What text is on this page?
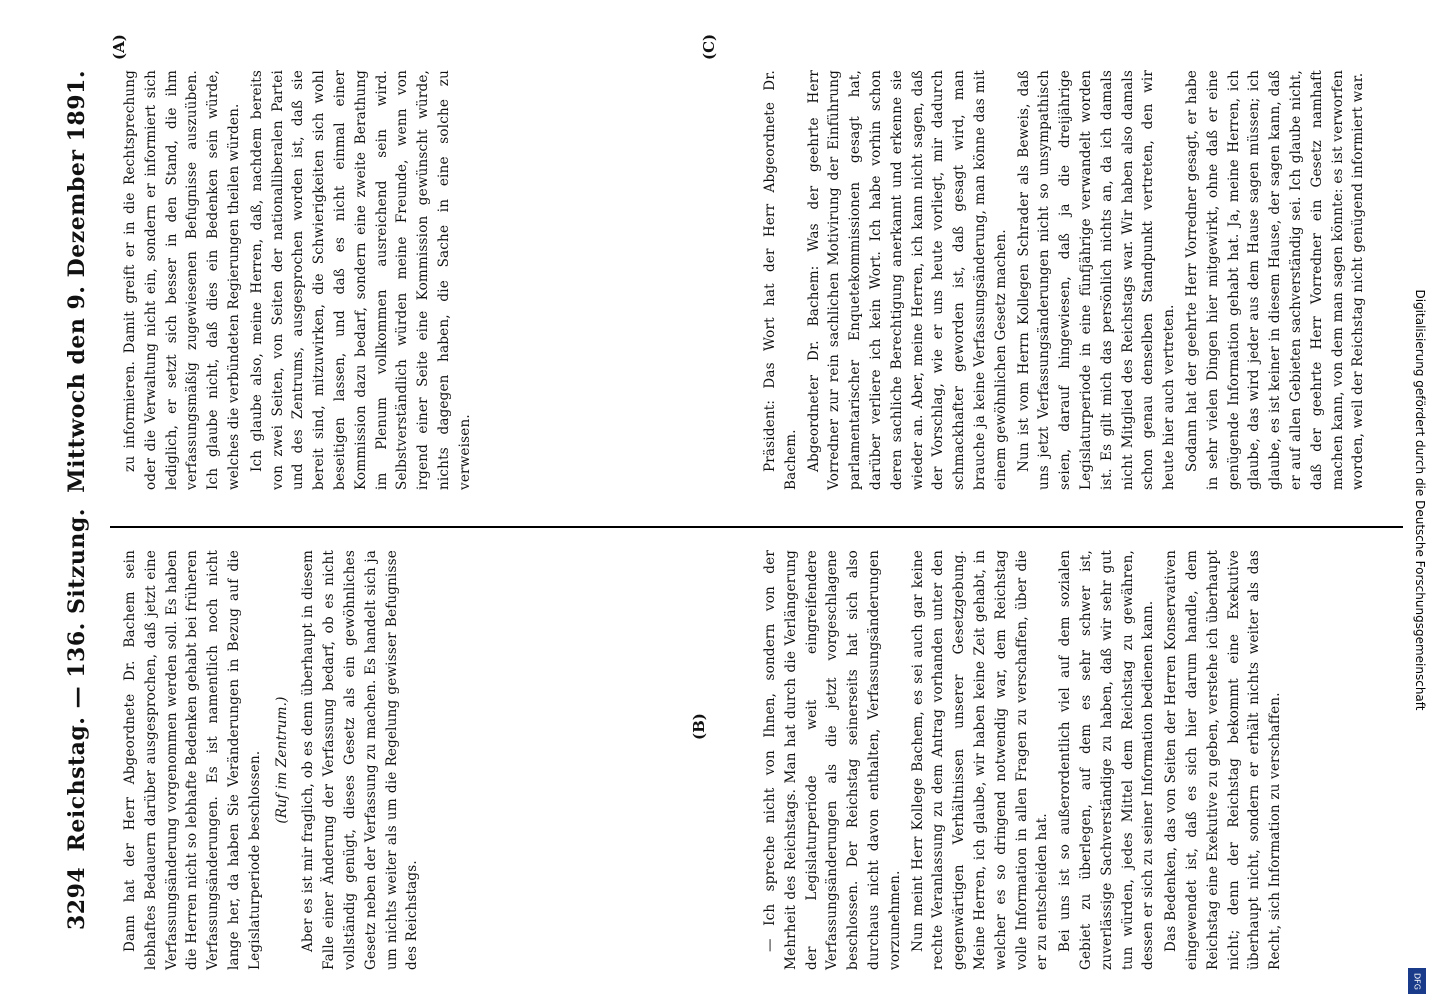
3294
Reichstag. — 136. Sitzung.
Mittwoch den 9. Dezember 1891.
(A)
(B)
(C)

Dann hat der Herr Abgeordnete Dr. Bachem sein lebhaftes Bedauern darüber ausgesprochen, daß jetzt eine Verfassungsänderung vorgenommen werden soll. Es haben die Herren nicht so lebhafte Bedenken gehabt bei früheren Verfassungsänderungen. Es ist namentlich noch nicht lange her, da haben Sie Veränderungen in Bezug auf die Legislaturperiode beschlossen. (Ruf im Zentrum.) Aber es ist mir fraglich, ob es denn überhaupt in diesem Falle einer Änderung der Verfassung bedarf, ob es nicht vollständig genügt, dieses Gesetz als ein gewöhnliches Gesetz neben der Verfassung zu machen. Es handelt sich ja um nichts weiter als um die Regelung gewisser Befugnisse des Reichstags.	— Ich spreche nicht von Ihnen, sondern von der Mehrheit des Reichstags. Man hat durch die Verlängerung der Legislaturperiode weit eingreifendere Verfassungsänderungen als die jetzt vorgeschlagene beschlossen. Der Reichstag seinerseits hat sich also durchaus nicht davon enthalten, Verfassungsänderungen vorzunehmen. Nun meint Herr Kollege Bachem, es sei auch gar keine rechte Veranlassung zu dem Antrag vorhanden unter den gegenwärtigen Verhältnissen unserer Gesetzgebung. Meine Herren, ich glaube, wir haben keine Zeit gehabt, in welcher es so dringend notwendig war, dem Reichstag volle Information in allen Fragen zu verschaffen, über die er zu entscheiden hat. Bei uns ist so außerordentlich viel auf dem sozialen Gebiet zu überlegen, auf dem es sehr schwer ist, zuverlässige Sachverständige zu haben, daß wir sehr gut tun würden, jedes Mittel dem Reichstag zu gewähren, dessen er sich zu seiner Information bedienen kann. Das Bedenken, das von Seiten der Herren Konservativen eingewendet ist, daß es sich hier darum handle, dem Reichstag eine Exekutive zu geben, verstehe ich überhaupt nicht; denn der Reichstag bekommt eine Exekutive überhaupt nicht, sondern er erhält nichts weiter als das Recht, sich Information zu verschaffen.

zu informieren. Damit greift er in die Rechtsprechung oder die Verwaltung nicht ein, sondern er informiert sich lediglich, er setzt sich besser in den Stand, die ihm verfassungsmäßig zugewiesenen Befugnisse auszuüben. Ich glaube nicht, daß dies ein Bedenken sein würde, welches die verbündeten Regierungen theilen würden. Ich glaube also, meine Herren, daß, nachdem bereits von zwei Seiten, von Seiten der nationalliberalen Partei und des Zentrums, ausgesprochen worden ist, daß sie bereit sind, mitzuwirken, die Schwierigkeiten sich wohl beseitigen lassen, und daß es nicht einmal einer Kommission dazu bedarf, sondern eine zweite Berathung im Plenum vollkommen ausreichend sein wird. Selbstverständlich würden meine Freunde, wenn von irgend einer Seite eine Kommission gewünscht würde, nichts dagegen haben, die Sache in eine solche zu verweisen.	Präsident: Das Wort hat der Herr Abgeordnete Dr. Bachem. Abgeordneter Dr. Bachem: Was der geehrte Herr Vorredner zur rein sachlichen Motivirung der Einführung parlamentarischer Enquetekommissionen gesagt hat, darüber verliere ich kein Wort. Ich habe vorhin schon deren sachliche Berechtigung anerkannt und erkenne sie wieder an. Aber, meine Herren, ich kann nicht sagen, daß der Vorschlag, wie er uns heute vorliegt, mir dadurch schmackhafter geworden ist, daß gesagt wird, man brauche ja keine Verfassungsänderung, man könne das mit einem gewöhnlichen Gesetz machen. Nun ist vom Herrn Kollegen Schrader als Beweis, daß uns jetzt Verfassungsänderungen nicht so unsympathisch seien, darauf hingewiesen, daß ja die dreijährige Legislaturperiode in eine fünfjährige verwandelt worden ist. Es gilt mich das persönlich nichts an, da ich damals nicht Mitglied des Reichstags war. Wir haben also damals schon genau denselben Standpunkt vertreten, den wir heute hier auch vertreten. Sodann hat der geehrte Herr Vorredner gesagt, er habe in sehr vielen Dingen hier mitgewirkt, ohne daß er eine genügende Information gehabt hat. Ja, meine Herren, ich glaube, das wird jeder aus dem Hause sagen müssen; ich glaube, es ist keiner in diesem Hause, der sagen kann, daß er auf allen Gebieten sachverständig sei. Ich glaube nicht, daß der geehrte Herr Vorredner ein Gesetz namhaft machen kann, von dem man sagen könnte: es ist verworfen worden, weil der Reichstag nicht genügend informiert war.

Digitalisierung gefördert durch die Deutsche Forschungsgemeinschaft
DFG
